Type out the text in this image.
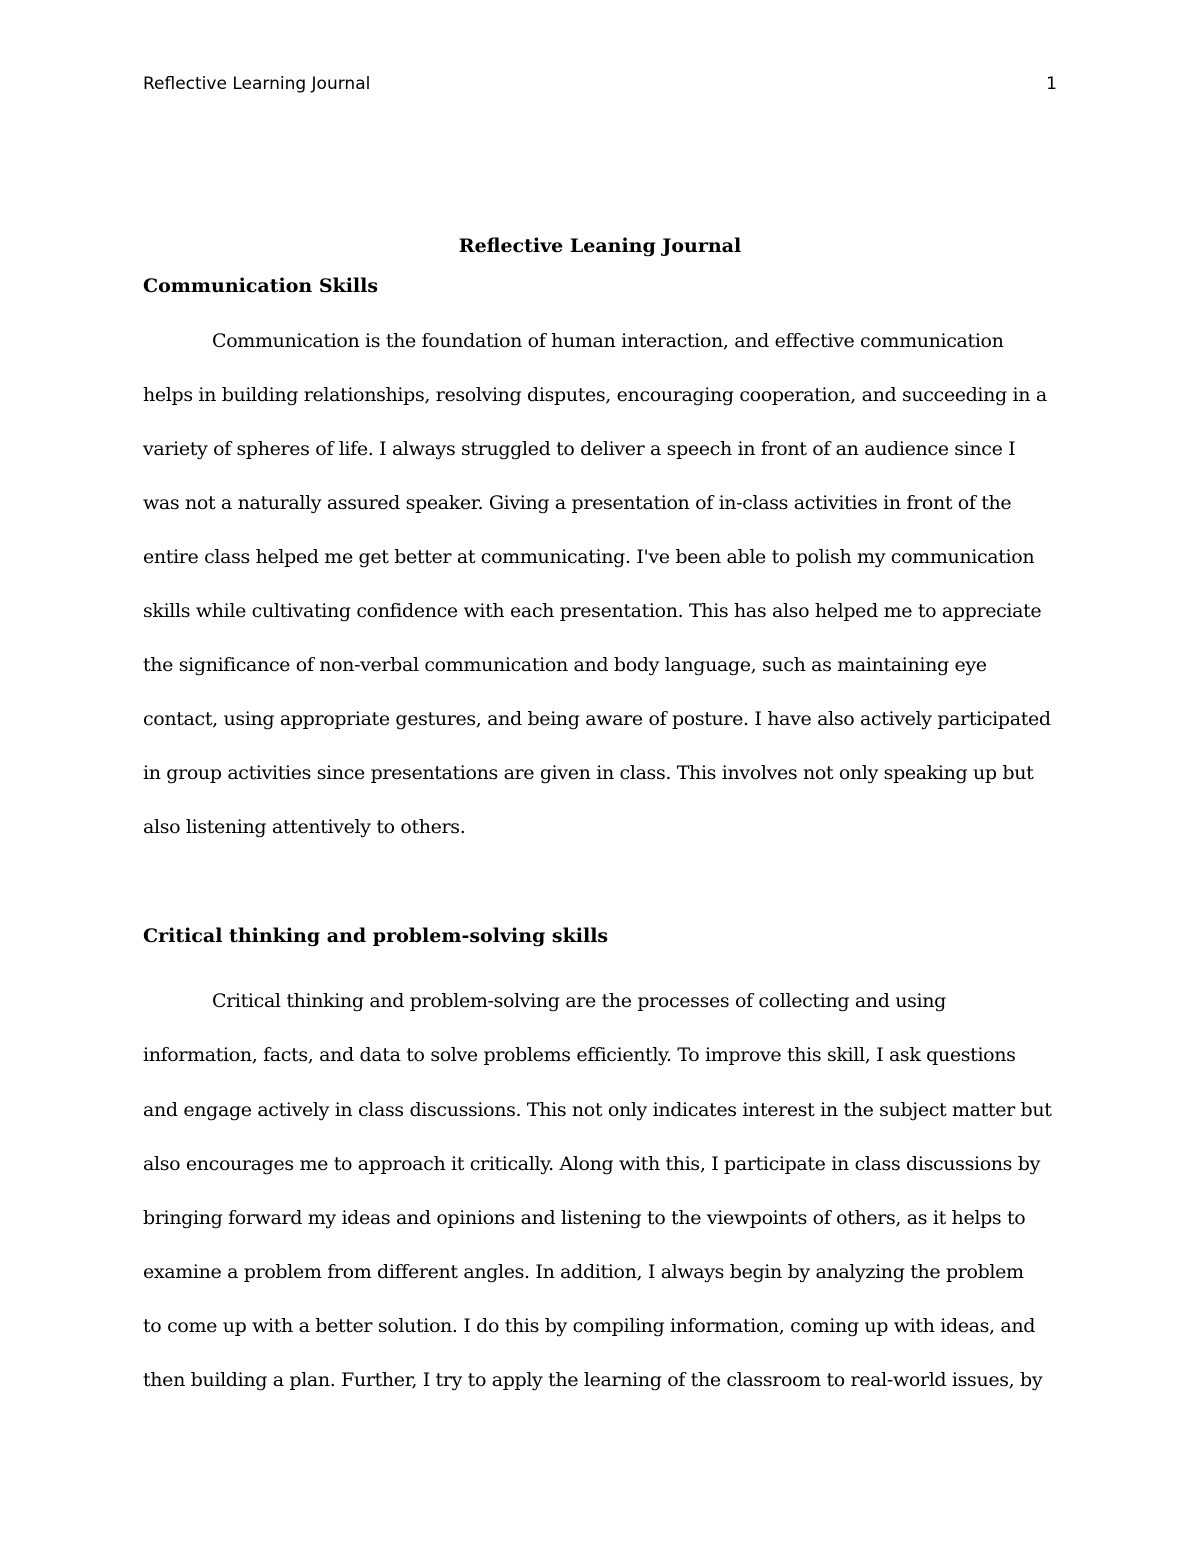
Reflective Learning Journal	1
Reflective Leaning Journal
Communication Skills
Communication is the foundation of human interaction, and effective communication
helps in building relationships, resolving disputes, encouraging cooperation, and succeeding in a
variety of spheres of life. I always struggled to deliver a speech in front of an audience since I
was not a naturally assured speaker. Giving a presentation of in-class activities in front of the
entire class helped me get better at communicating. I've been able to polish my communication
skills while cultivating confidence with each presentation. This has also helped me to appreciate
the significance of non-verbal communication and body language, such as maintaining eye
contact, using appropriate gestures, and being aware of posture. I have also actively participated
in group activities since presentations are given in class. This involves not only speaking up but
also listening attentively to others.
Critical thinking and problem-solving skills
Critical thinking and problem-solving are the processes of collecting and using
information, facts, and data to solve problems efficiently. To improve this skill, I ask questions
and engage actively in class discussions. This not only indicates interest in the subject matter but
also encourages me to approach it critically. Along with this, I participate in class discussions by
bringing forward my ideas and opinions and listening to the viewpoints of others, as it helps to
examine a problem from different angles. In addition, I always begin by analyzing the problem
to come up with a better solution. I do this by compiling information, coming up with ideas, and
then building a plan. Further, I try to apply the learning of the classroom to real-world issues, by
